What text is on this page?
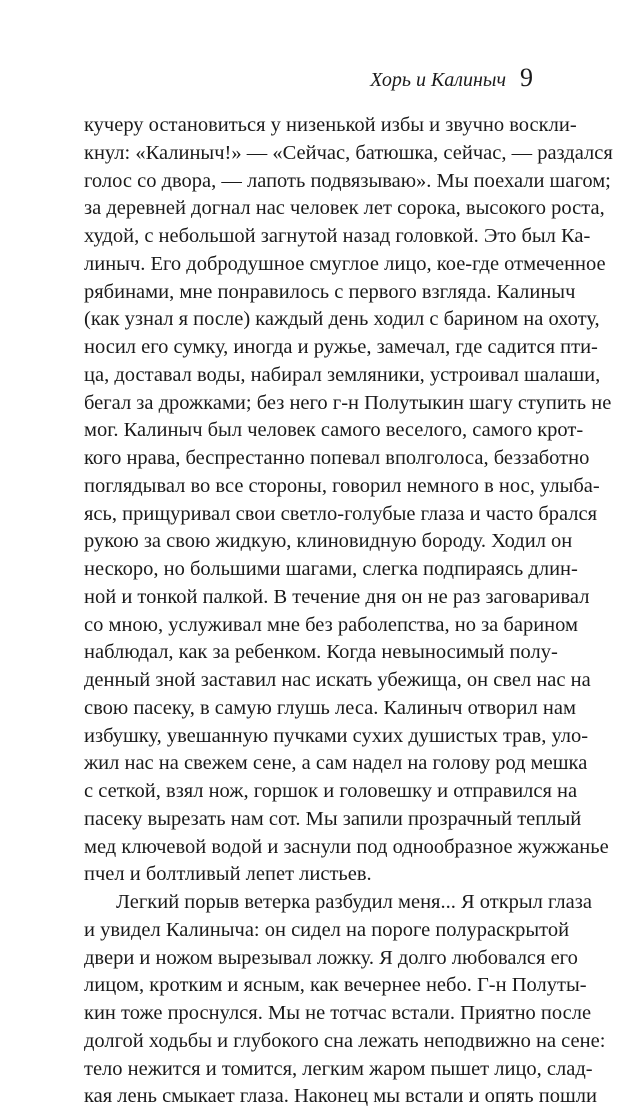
Хорь и Калиныч 9
кучеру остановиться у низенькой избы и звучно воскли-
кнул: «Калиныч!» — «Сейчас, батюшка, сейчас, — раздался
голос со двора, — лапоть подвязываю». Мы поехали шагом;
за деревней догнал нас человек лет сорока, высокого роста,
худой, с небольшой загнутой назад головкой. Это был Ка-
линыч. Его добродушное смуглое лицо, кое-где отмеченное
рябинами, мне понравилось с первого взгляда. Калиныч
(как узнал я после) каждый день ходил с барином на охоту,
носил его сумку, иногда и ружье, замечал, где садится пти-
ца, доставал воды, набирал земляники, устроивал шалаши,
бегал за дрожками; без него г-н Полутыкин шагу ступить не
мог. Калиныч был человек самого веселого, самого крот-
кого нрава, беспрестанно попевал вполголоса, беззаботно
поглядывал во все стороны, говорил немного в нос, улыба-
ясь, прищуривал свои светло-голубые глаза и часто брался
рукою за свою жидкую, клиновидную бороду. Ходил он
нескоро, но большими шагами, слегка подпираясь длин-
ной и тонкой палкой. В течение дня он не раз заговаривал
со мною, услуживал мне без раболепства, но за барином
наблюдал, как за ребенком. Когда невыносимый полу-
денный зной заставил нас искать убежища, он свел нас на
свою пасеку, в самую глушь леса. Калиныч отворил нам
избушку, увешанную пучками сухих душистых трав, уло-
жил нас на свежем сене, а сам надел на голову род мешка
с сеткой, взял нож, горшок и головешку и отправился на
пасеку вырезать нам сот. Мы запили прозрачный теплый
мед ключевой водой и заснули под однообразное жужжанье
пчел и болтливый лепет листьев.
Легкий порыв ветерка разбудил меня... Я открыл глаза
и увидел Калиныча: он сидел на пороге полураскрытой
двери и ножом вырезывал ложку. Я долго любовался его
лицом, кротким и ясным, как вечернее небо. Г-н Полуты-
кин тоже проснулся. Мы не тотчас встали. Приятно после
долгой ходьбы и глубокого сна лежать неподвижно на сене:
тело нежится и томится, легким жаром пышет лицо, слад-
кая лень смыкает глаза. Наконец мы встали и опять пошли
